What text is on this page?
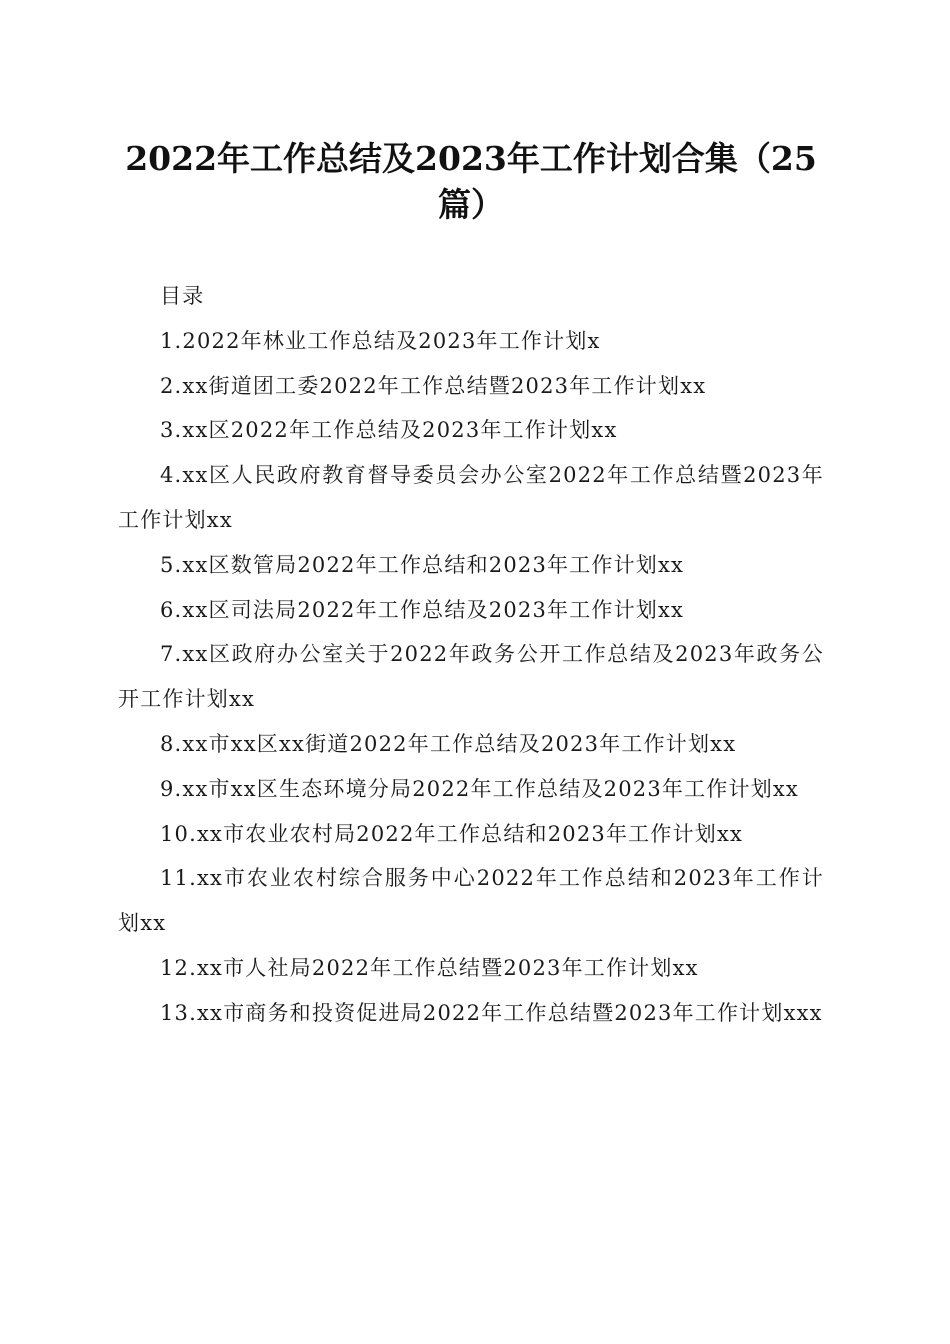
2022年工作总结及2023年工作计划合集（25篇）

目录

1.2022年林业工作总结及2023年工作计划x
2.xx街道团工委2022年工作总结暨2023年工作计划xx
3.xx区2022年工作总结及2023年工作计划xx
4.xx区人民政府教育督导委员会办公室2022年工作总结暨2023年工作计划xx
5.xx区数管局2022年工作总结和2023年工作计划xx
6.xx区司法局2022年工作总结及2023年工作计划xx
7.xx区政府办公室关于2022年政务公开工作总结及2023年政务公开工作计划xx
8.xx市xx区xx街道2022年工作总结及2023年工作计划xx
9.xx市xx区生态环境分局2022年工作总结及2023年工作计划xx
10.xx市农业农村局2022年工作总结和2023年工作计划xx
11.xx市农业农村综合服务中心2022年工作总结和2023年工作计划xx
12.xx市人社局2022年工作总结暨2023年工作计划xx
13.xx市商务和投资促进局2022年工作总结暨2023年工作计划xxx
